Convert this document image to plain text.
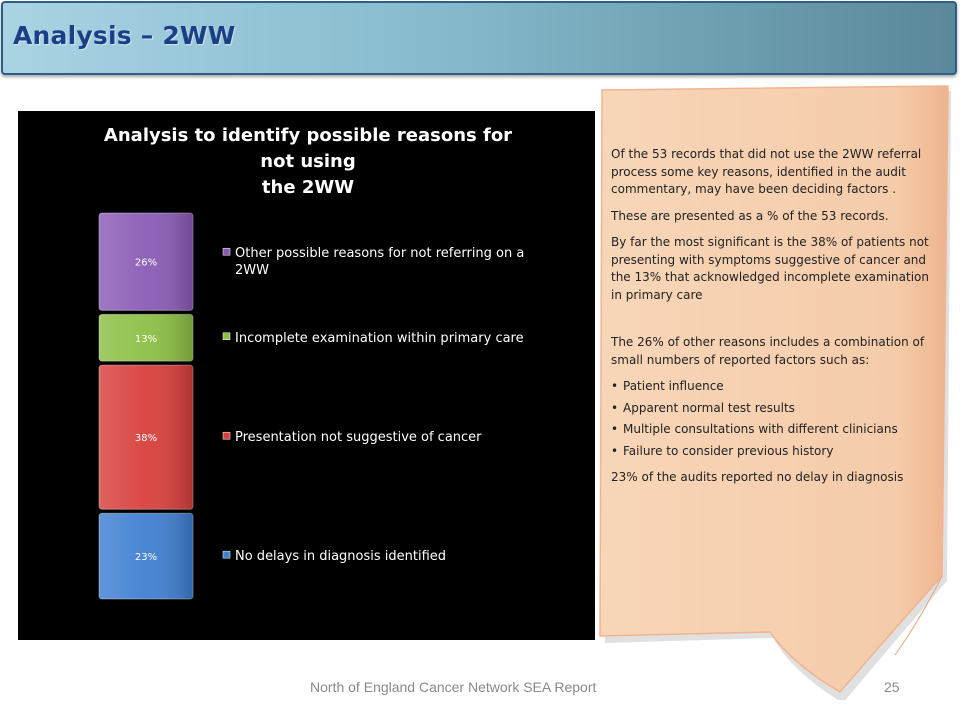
Analysis – 2WW
Analysis to identify possible reasons for not using
the 2WW
23%
38%
13%
26%
No delays in diagnosis identified
Presentation not suggestive of cancer
Incomplete examination within primary care
Other possible reasons for not referring on a 2WW

Of the 53 records that did not use the 2WW referral process some key reasons, identified in the audit commentary, may have been deciding factors .

These are presented as a % of the 53 records.

By far the most significant is the 38% of patients not presenting with symptoms suggestive of cancer and the 13% that acknowledged incomplete examination in primary care

The 26% of other reasons includes a combination of small numbers of reported factors such as:

• Patient influence
• Apparent normal test results
• Multiple consultations with different clinicians
• Failure to consider previous history

23% of the audits reported no delay in diagnosis

North of England Cancer Network SEA Report	25
